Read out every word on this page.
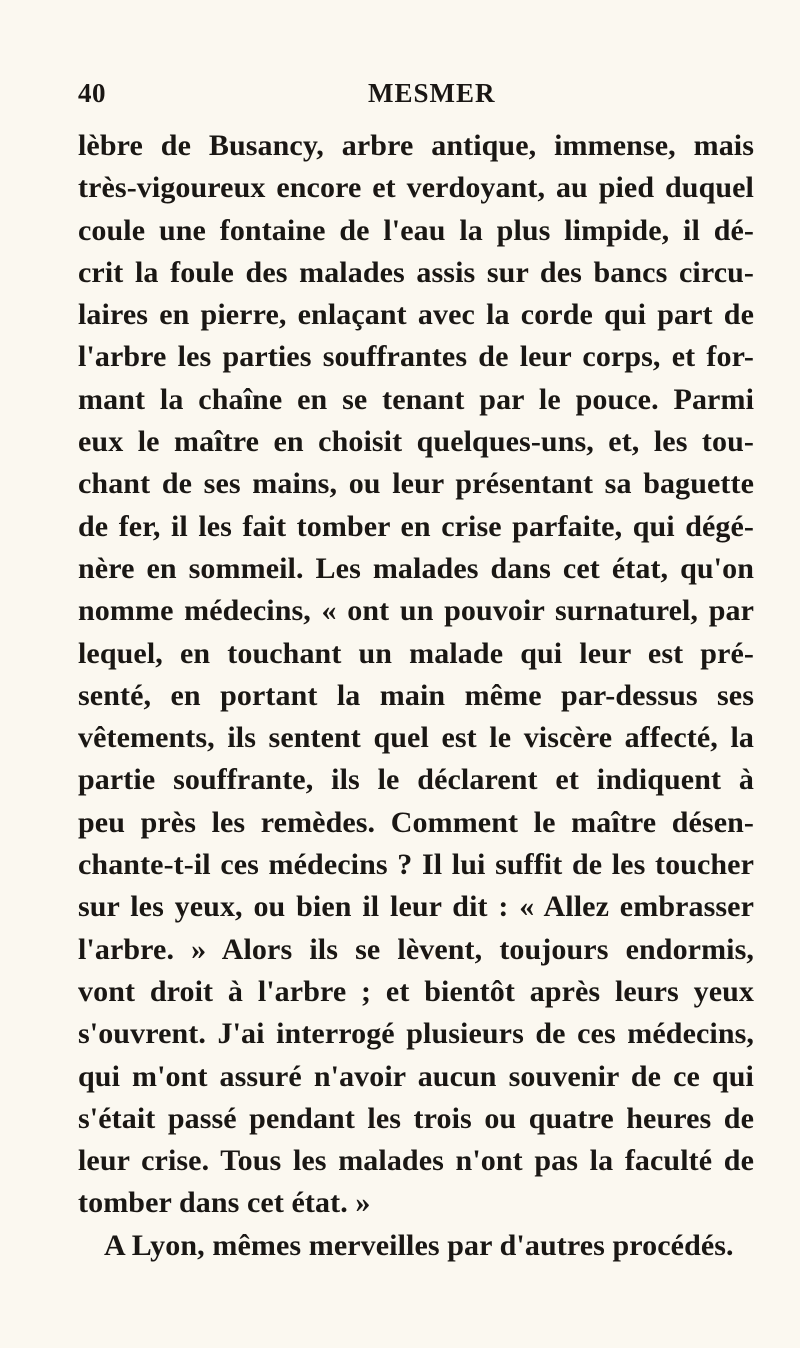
40	MESMER
lèbre de Busancy, arbre antique, immense, mais
très-vigoureux encore et verdoyant, au pied duquel
coule une fontaine de l'eau la plus limpide, il dé-
crit la foule des malades assis sur des bancs circu-
laires en pierre, enlaçant avec la corde qui part de
l'arbre les parties souffrantes de leur corps, et for-
mant la chaîne en se tenant par le pouce. Parmi
eux le maître en choisit quelques-uns, et, les tou-
chant de ses mains, ou leur présentant sa baguette
de fer, il les fait tomber en crise parfaite, qui dégé-
nère en sommeil. Les malades dans cet état, qu'on
nomme médecins, « ont un pouvoir surnaturel, par
lequel, en touchant un malade qui leur est pré-
senté, en portant la main même par-dessus ses
vêtements, ils sentent quel est le viscère affecté, la
partie souffrante, ils le déclarent et indiquent à
peu près les remèdes. Comment le maître désen-
chante-t-il ces médecins ? Il lui suffit de les toucher
sur les yeux, ou bien il leur dit : « Allez embrasser
l'arbre. » Alors ils se lèvent, toujours endormis,
vont droit à l'arbre ; et bientôt après leurs yeux
s'ouvrent. J'ai interrogé plusieurs de ces médecins,
qui m'ont assuré n'avoir aucun souvenir de ce qui
s'était passé pendant les trois ou quatre heures de
leur crise. Tous les malades n'ont pas la faculté de
tomber dans cet état. »
A Lyon, mêmes merveilles par d'autres procédés.
